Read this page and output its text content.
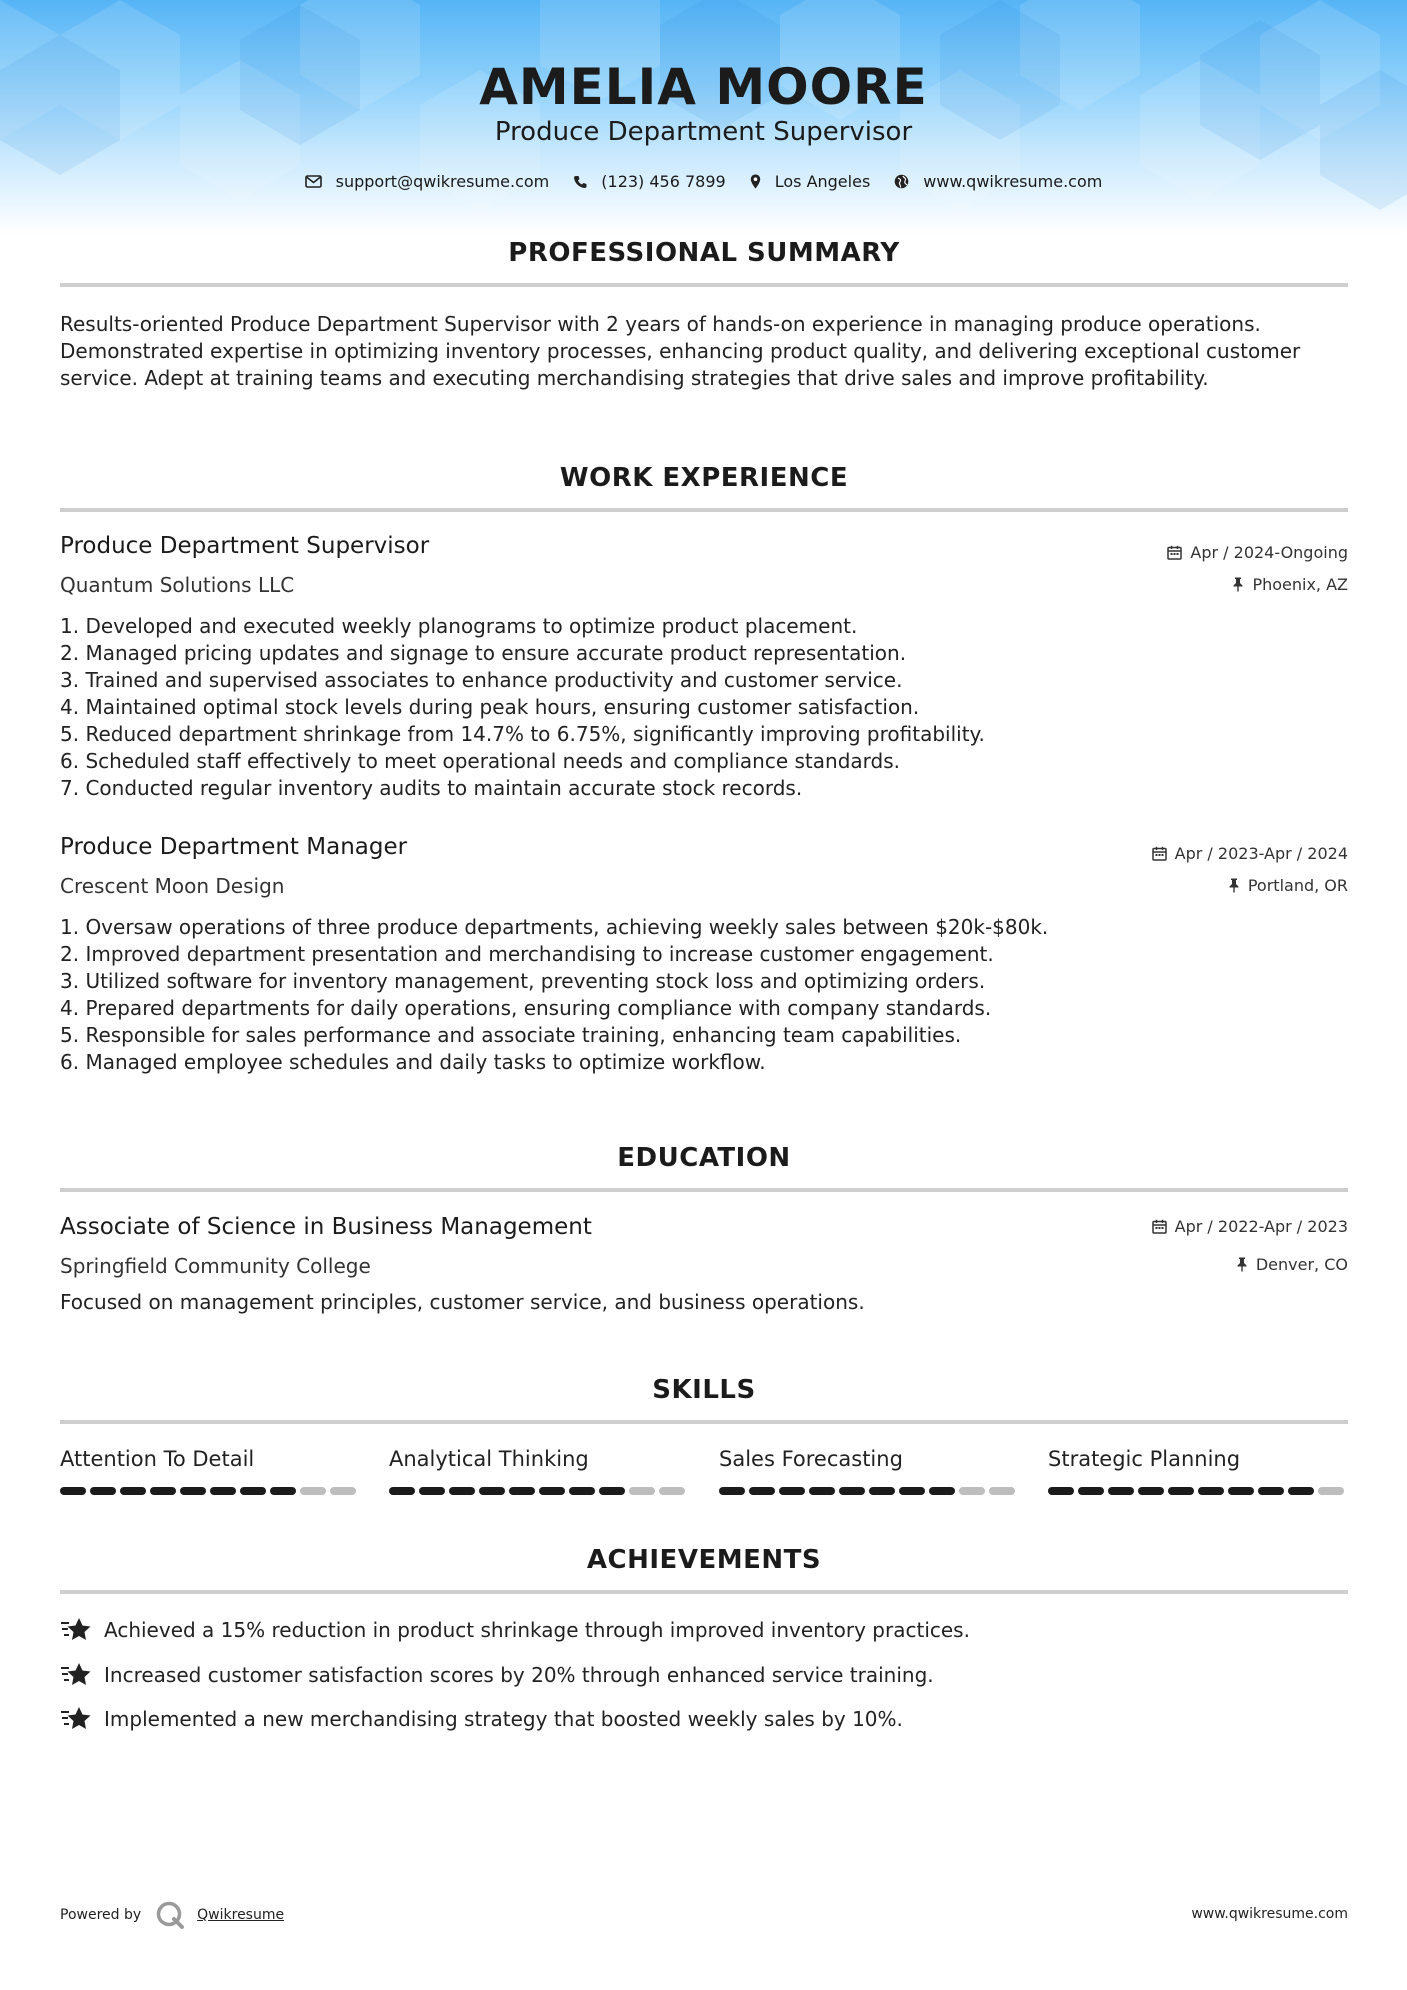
AMELIA MOORE
Produce Department Supervisor
support@qwikresume.com	(123) 456 7899	Los Angeles	www.qwikresume.com
PROFESSIONAL SUMMARY
Results-oriented Produce Department Supervisor with 2 years of hands-on experience in managing produce operations. Demonstrated expertise in optimizing inventory processes, enhancing product quality, and delivering exceptional customer service. Adept at training teams and executing merchandising strategies that drive sales and improve profitability.
WORK EXPERIENCE
Produce Department Supervisor	Apr / 2024-Ongoing
Quantum Solutions LLC	Phoenix, AZ
1. Developed and executed weekly planograms to optimize product placement.
2. Managed pricing updates and signage to ensure accurate product representation.
3. Trained and supervised associates to enhance productivity and customer service.
4. Maintained optimal stock levels during peak hours, ensuring customer satisfaction.
5. Reduced department shrinkage from 14.7% to 6.75%, significantly improving profitability.
6. Scheduled staff effectively to meet operational needs and compliance standards.
7. Conducted regular inventory audits to maintain accurate stock records.
Produce Department Manager	Apr / 2023-Apr / 2024
Crescent Moon Design	Portland, OR
1. Oversaw operations of three produce departments, achieving weekly sales between $20k-$80k.
2. Improved department presentation and merchandising to increase customer engagement.
3. Utilized software for inventory management, preventing stock loss and optimizing orders.
4. Prepared departments for daily operations, ensuring compliance with company standards.
5. Responsible for sales performance and associate training, enhancing team capabilities.
6. Managed employee schedules and daily tasks to optimize workflow.
EDUCATION
Associate of Science in Business Management	Apr / 2022-Apr / 2023
Springfield Community College	Denver, CO
Focused on management principles, customer service, and business operations.
SKILLS
Attention To Detail	Analytical Thinking	Sales Forecasting	Strategic Planning
ACHIEVEMENTS
Achieved a 15% reduction in product shrinkage through improved inventory practices.
Increased customer satisfaction scores by 20% through enhanced service training.
Implemented a new merchandising strategy that boosted weekly sales by 10%.
Powered by	Qwikresume	www.qwikresume.com
